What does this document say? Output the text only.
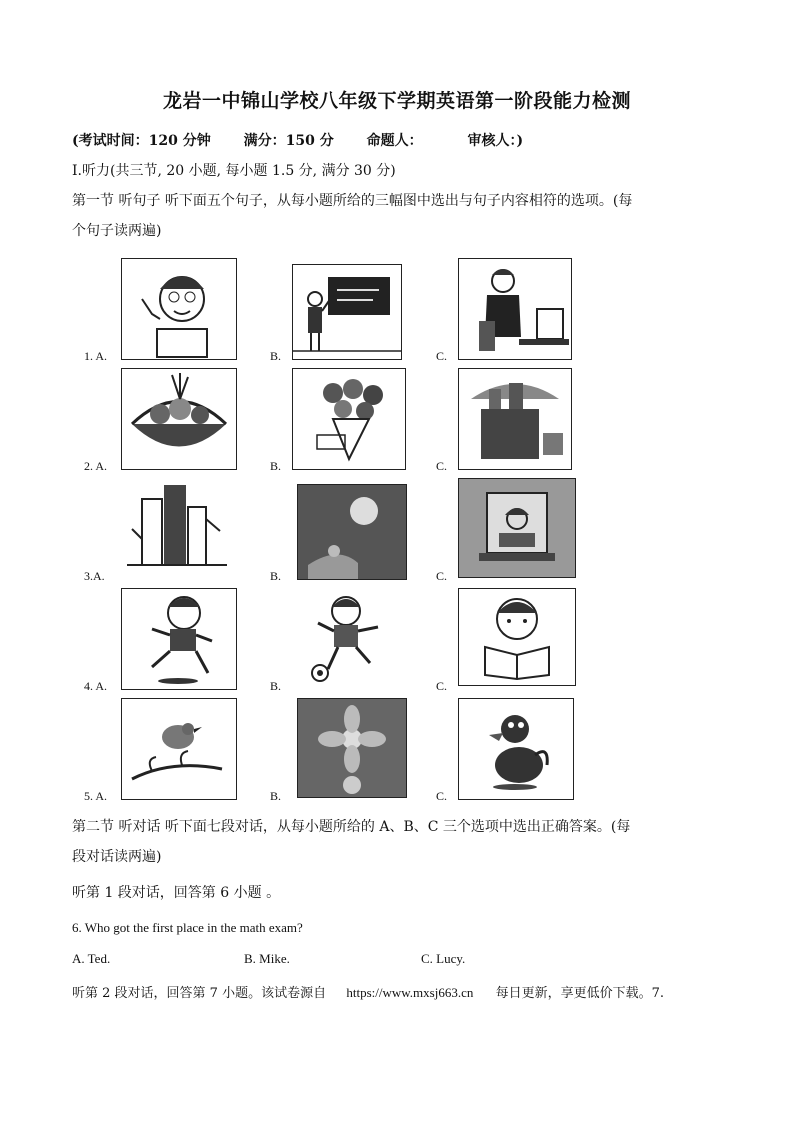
龙岩一中锦山学校八年级下学期英语第一阶段能力检测
(考试时间：120 分钟 满分：150 分 命题人：	审核人：)
Ⅰ.听力(共三节, 20 小题, 每小题 1.5 分, 满分 30 分)
第一节 听句子 听下面五个句子，从每小题所给的三幅图中选出与句子内容相符的选项。(每
个句子读两遍)
1. A.	B.	C.
2. A.	B.	C.
3.A.	B.	C.
4. A.	B.	C.
5. A.	B.	C.
第二节 听对话 听下面七段对话，从每小题所给的 A、B、C 三个选项中选出正确答案。(每
段对话读两遍)
听第 1 段对话，回答第 6 小题 。
6. Who got the first place in the math exam?
A. Ted.	B. Mike.	C. Lucy.
听第 2 段对话，回答第 7 小题。该试卷源自 https://www.mxsj663.cn 每日更新，享更低价下载。7.
